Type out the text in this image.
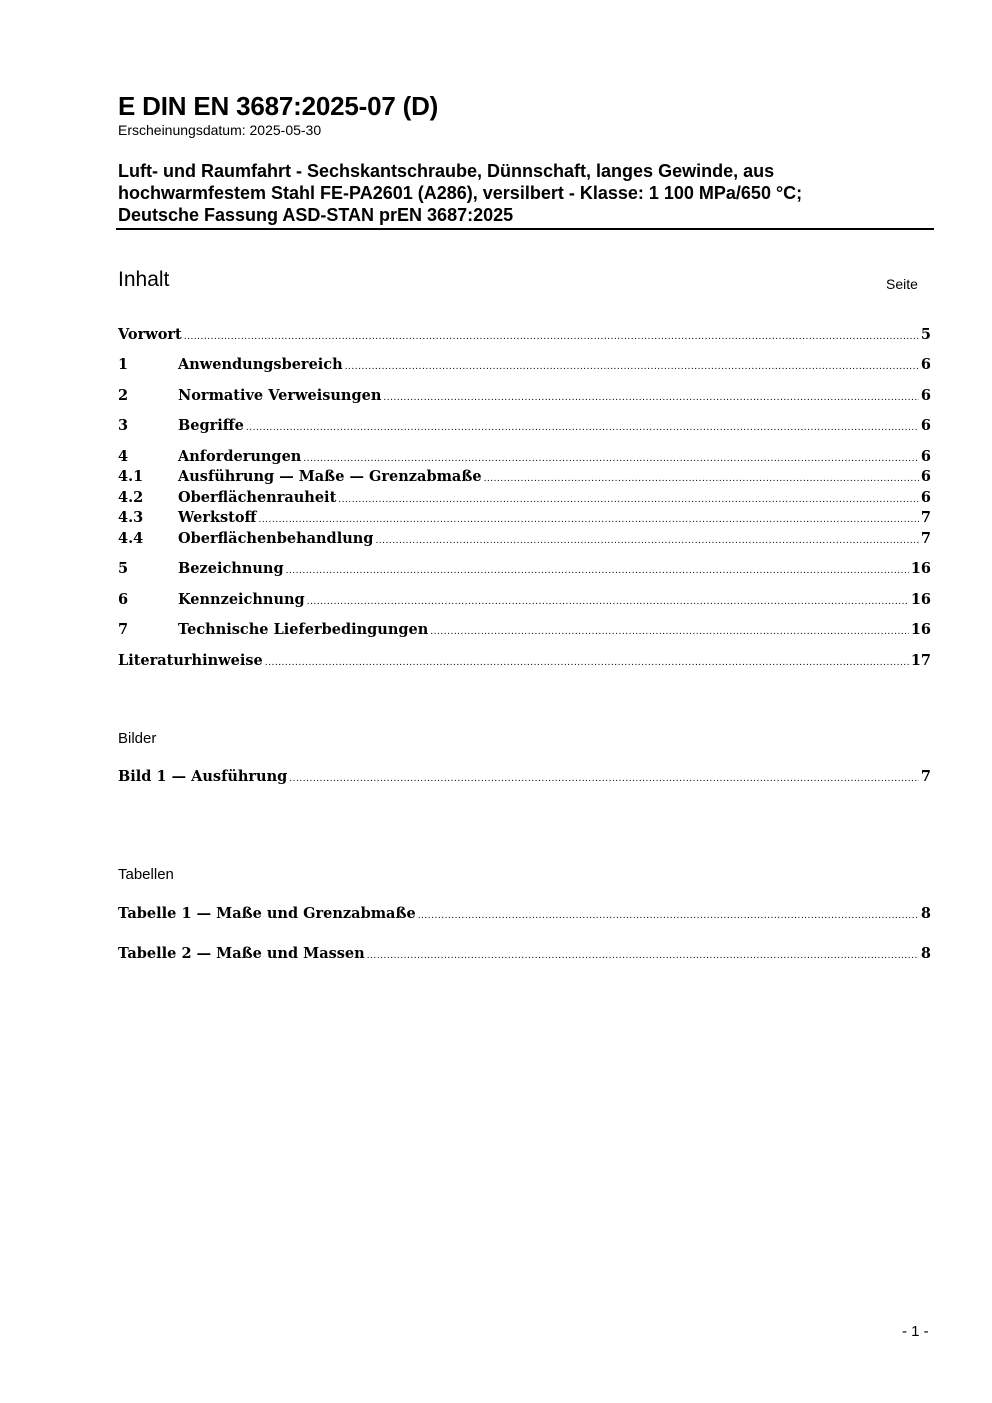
E DIN EN 3687:2025-07 (D)
Erscheinungsdatum: 2025-05-30
Luft- und Raumfahrt - Sechskantschraube, Dünnschaft, langes Gewinde, aus
hochwarmfestem Stahl FE-PA2601 (A286), versilbert - Klasse: 1 100 MPa/650 °C;
Deutsche Fassung ASD-STAN prEN 3687:2025
Inhalt	Seite
Vorwort .....	5
1	Anwendungsbereich .....	6
2	Normative Verweisungen .....	6
3	Begriffe .....	6
4	Anforderungen .....	6
4.1	Ausführung — Maße — Grenzabmaße .....	6
4.2	Oberflächenrauheit .....	6
4.3	Werkstoff .....	7
4.4	Oberflächenbehandlung .....	7
5	Bezeichnung .....	16
6	Kennzeichnung .....	16
7	Technische Lieferbedingungen .....	16
Literaturhinweise .....	17
Bilder
Bild 1 — Ausführung .....	7
Tabellen
Tabelle 1 — Maße und Grenzabmaße .....	8
Tabelle 2 — Maße und Massen .....	8
- 1 -
